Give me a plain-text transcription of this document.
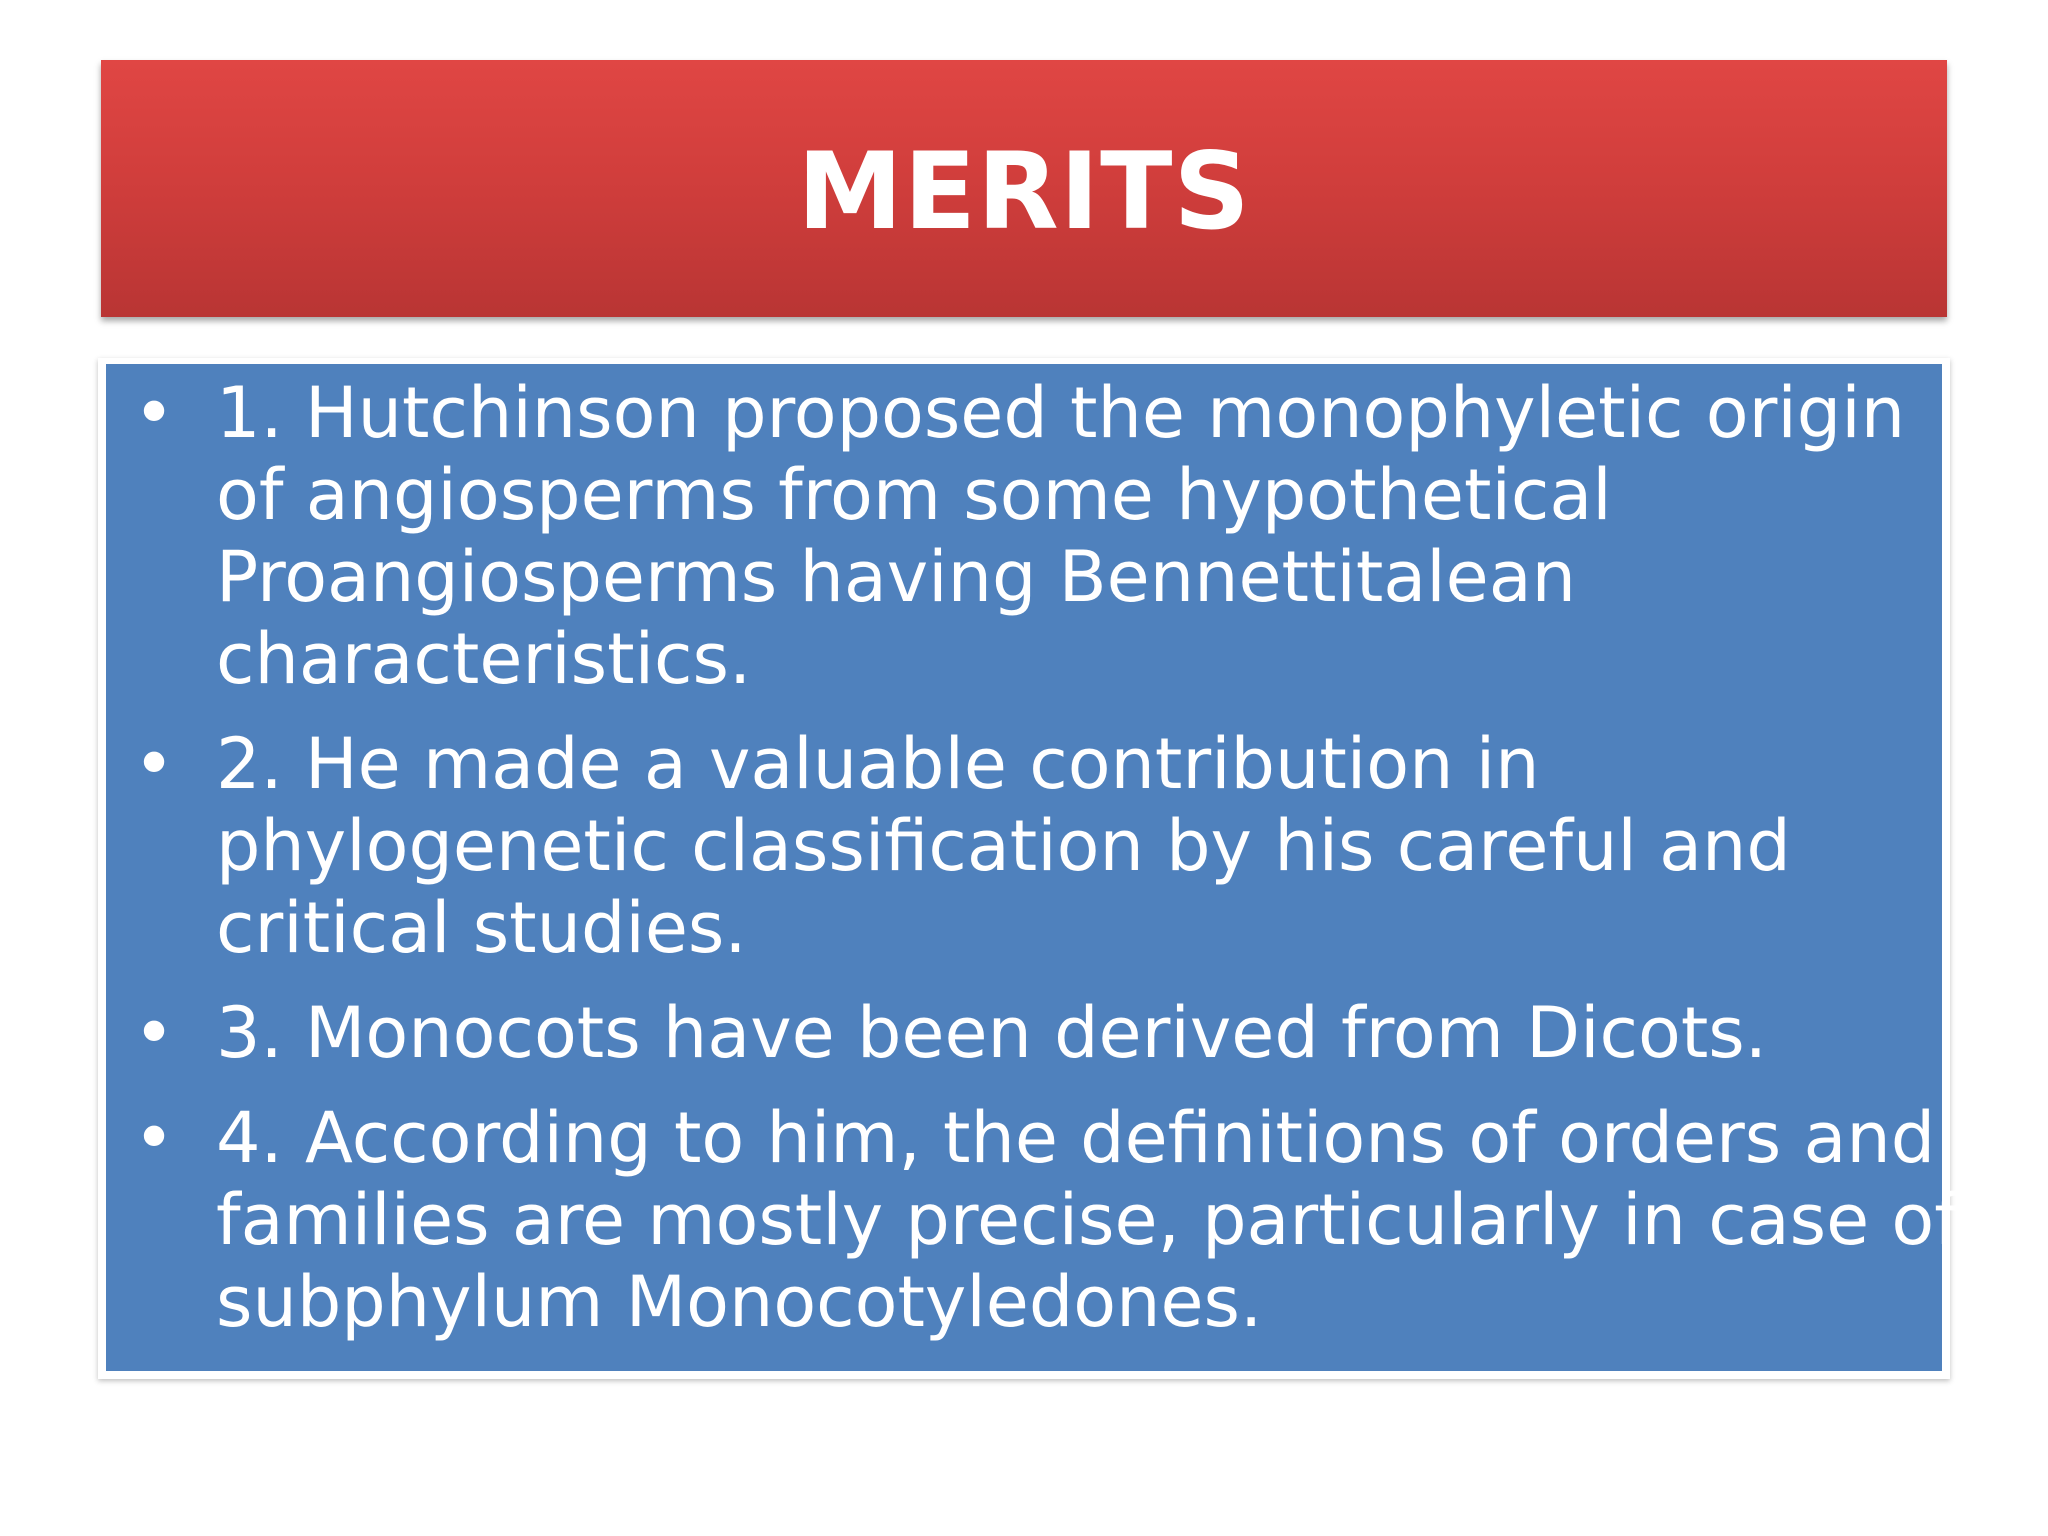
MERITS
• 1. Hutchinson proposed the monophyletic origin
of angiosperms from some hypothetical
Proangiosperms having Bennettitalean
characteristics.
• 2. He made a valuable contribution in
phylogenetic classification by his careful and
critical studies.
• 3. Monocots have been derived from Dicots.
• 4. According to him, the definitions of orders and
families are mostly precise, particularly in case of
subphylum Monocotyledones.
